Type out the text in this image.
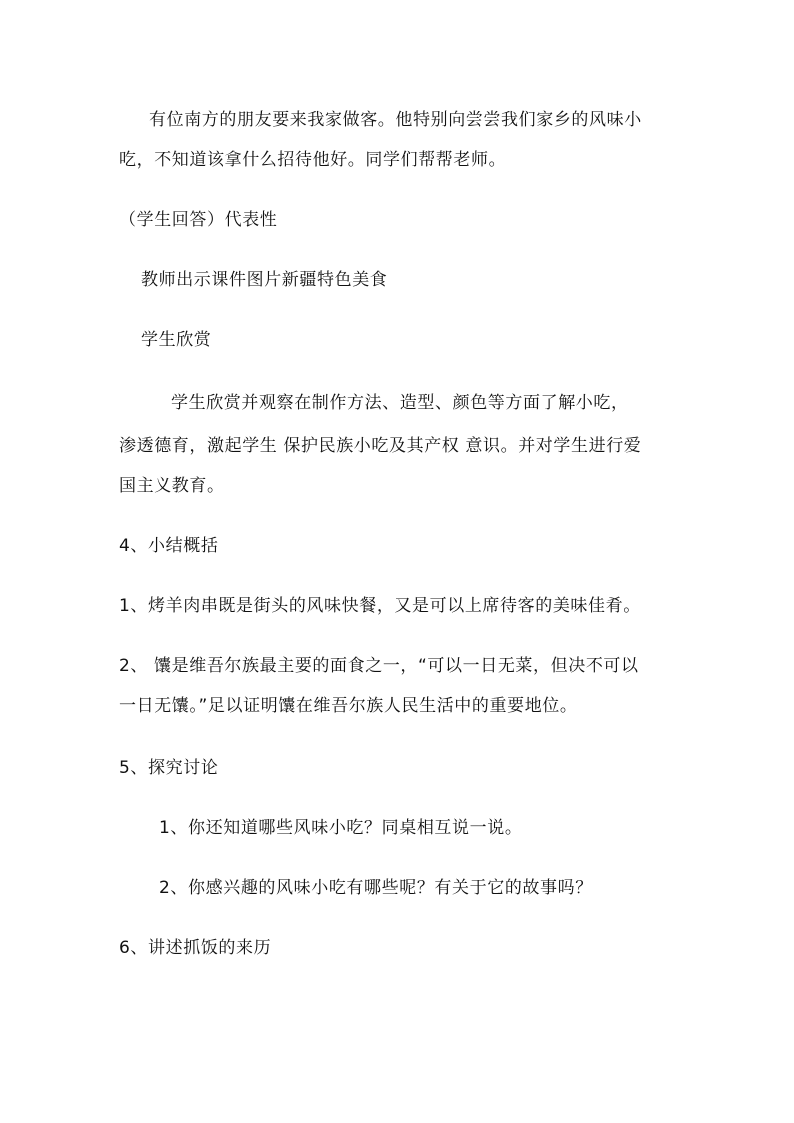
有位南方的朋友要来我家做客。他特别向尝尝我们家乡的风味小
吃，不知道该拿什么招待他好。同学们帮帮老师。
（学生回答）代表性
教师出示课件图片新疆特色美食
学生欣赏
学生欣赏并观察在制作方法、造型、颜色等方面了解小吃，
渗透德育，激起学生 保护民族小吃及其产权 意识。并对学生进行爱
国主义教育。
4、小结概括
1、烤羊肉串既是街头的风味快餐，又是可以上席待客的美味佳肴。
2、 馕是维吾尔族最主要的面食之一，“可以一日无菜，但决不可以
一日无馕。”足以证明馕在维吾尔族人民生活中的重要地位。
5、探究讨论
1、你还知道哪些风味小吃？同桌相互说一说。
2、你感兴趣的风味小吃有哪些呢？有关于它的故事吗？
6、讲述抓饭的来历
